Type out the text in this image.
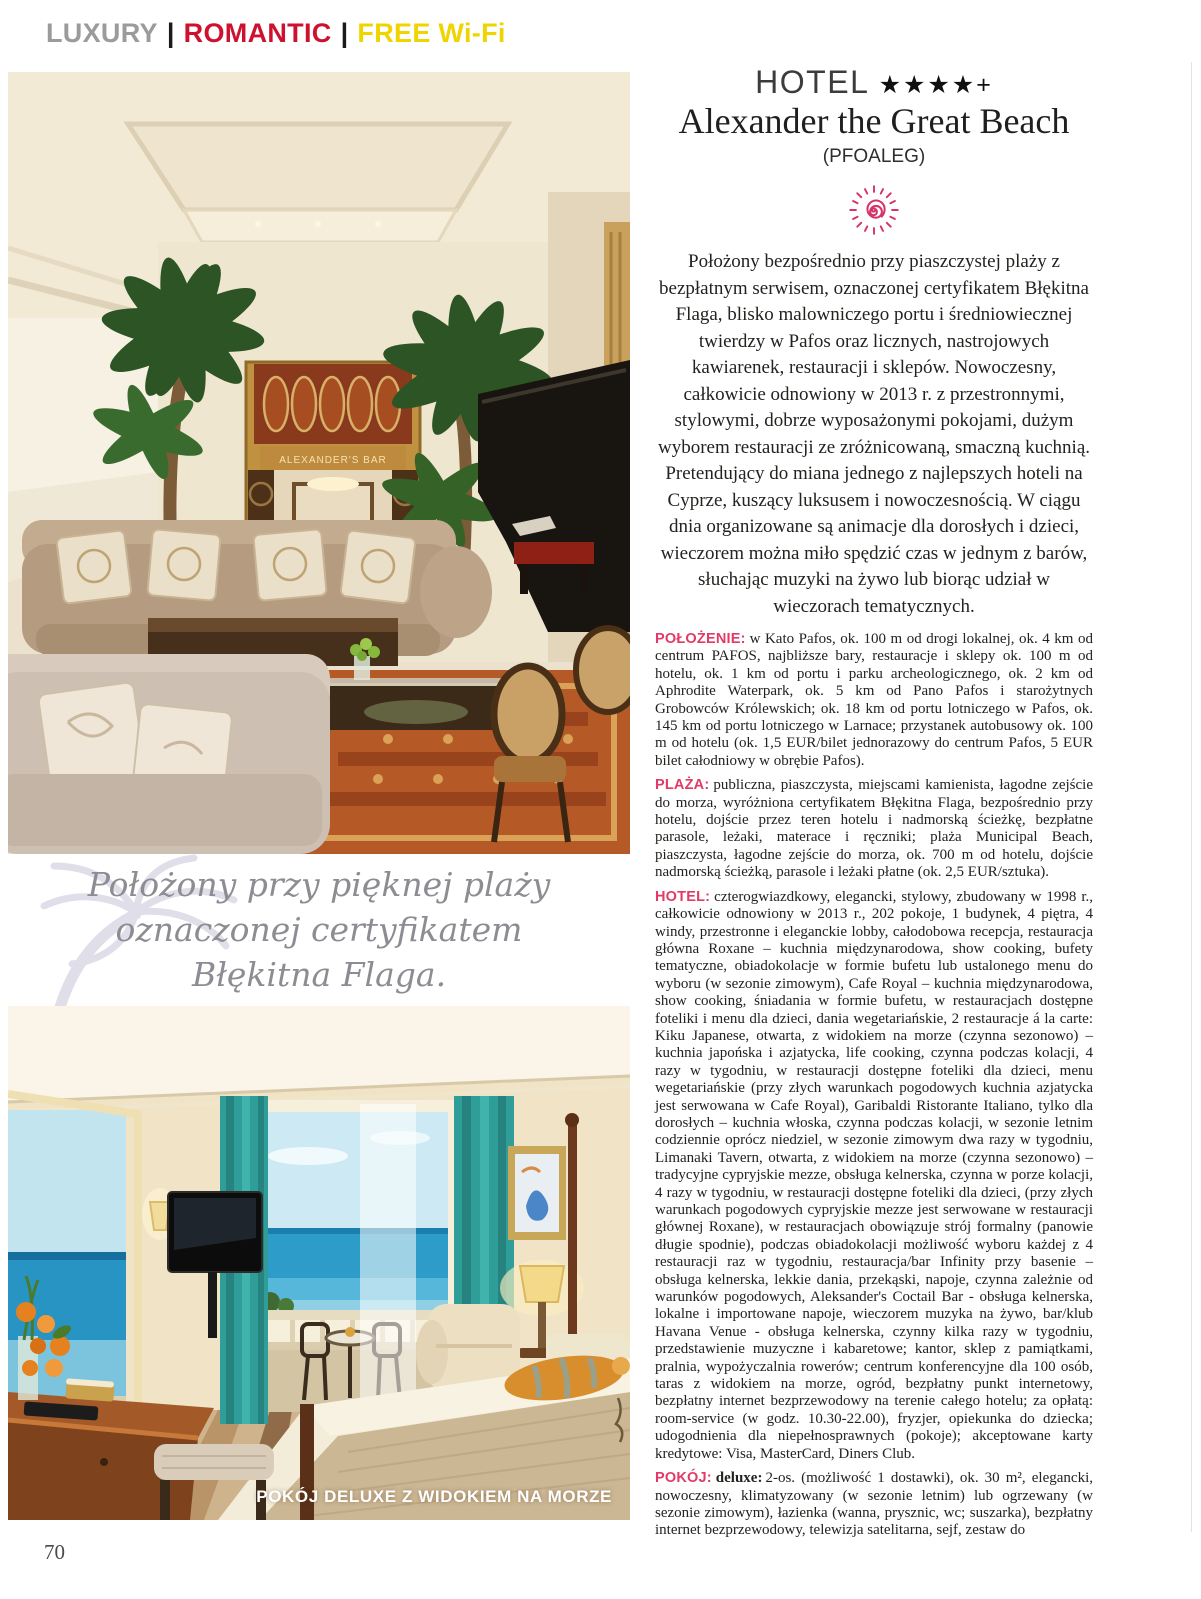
LUXURY | ROMANTIC | FREE Wi-Fi
ALEXANDER'S BAR
Położony przy pięknej plaży oznaczonej certyfikatem Błękitna Flaga.
POKÓJ DELUXE Z WIDOKIEM NA MORZE
HOTEL ★★★★+
Alexander the Great Beach
(PFOALEG)

Położony bezpośrednio przy piaszczystej plaży z bezpłatnym serwisem, oznaczonej certyfikatem Błękitna Flaga, blisko malowniczego portu i średniowiecznej twierdzy w Pafos oraz licznych, nastrojowych kawiarenek, restauracji i sklepów. Nowoczesny, całkowicie odnowiony w 2013 r. z przestronnymi, stylowymi, dobrze wyposażonymi pokojami, dużym wyborem restauracji ze zróżnicowaną, smaczną kuchnią. Pretendujący do miana jednego z najlepszych hoteli na Cyprze, kuszący luksusem i nowoczesnością. W ciągu dnia organizowane są animacje dla dorosłych i dzieci, wieczorem można miło spędzić czas w jednym z barów, słuchając muzyki na żywo lub biorąc udział w wieczorach tematycznych.

POŁOŻENIE: w Kato Pafos, ok. 100 m od drogi lokalnej, ok. 4 km od centrum PAFOS, najbliższe bary, restauracje i sklepy ok. 100 m od hotelu, ok. 1 km od portu i parku archeologicznego, ok. 2 km od Aphrodite Waterpark, ok. 5 km od Pano Pafos i starożytnych Grobowców Królewskich; ok. 18 km od portu lotniczego w Pafos, ok. 145 km od portu lotniczego w Larnace; przystanek autobusowy ok. 100 m od hotelu (ok. 1,5 EUR/bilet jednorazowy do centrum Pafos, 5 EUR bilet całodniowy w obrębie Pafos).

PLAŻA: publiczna, piaszczysta, miejscami kamienista, łagodne zejście do morza, wyróżniona certyfikatem Błękitna Flaga, bezpośrednio przy hotelu, dojście przez teren hotelu i nadmorską ścieżkę, bezpłatne parasole, leżaki, materace i ręczniki; plaża Municipal Beach, piaszczysta, łagodne zejście do morza, ok. 700 m od hotelu, dojście nadmorską ścieżką, parasole i leżaki płatne (ok. 2,5 EUR/sztuka).

HOTEL: czterogwiazdkowy, elegancki, stylowy, zbudowany w 1998 r., całkowicie odnowiony w 2013 r., 202 pokoje, 1 budynek, 4 piętra, 4 windy, przestronne i eleganckie lobby, całodobowa recepcja, restauracja główna Roxane – kuchnia międzynarodowa, show cooking, bufety tematyczne, obiadokolacje w formie bufetu lub ustalonego menu do wyboru (w sezonie zimowym), Cafe Royal – kuchnia międzynarodowa, show cooking, śniadania w formie bufetu, w restauracjach dostępne foteliki i menu dla dzieci, dania wegetariańskie, 2 restauracje á la carte: Kiku Japanese, otwarta, z widokiem na morze (czynna sezonowo) – kuchnia japońska i azjatycka, life cooking, czynna podczas kolacji, 4 razy w tygodniu, w restauracji dostępne foteliki dla dzieci, menu wegetariańskie (przy złych warunkach pogodowych kuchnia azjatycka jest serwowana w Cafe Royal), Garibaldi Ristorante Italiano, tylko dla dorosłych – kuchnia włoska, czynna podczas kolacji, w sezonie letnim codziennie oprócz niedziel, w sezonie zimowym dwa razy w tygodniu, Limanaki Tavern, otwarta, z widokiem na morze (czynna sezonowo) – tradycyjne cypryjskie mezze, obsługa kelnerska, czynna w porze kolacji, 4 razy w tygodniu, w restauracji dostępne foteliki dla dzieci, (przy złych warunkach pogodowych cypryjskie mezze jest serwowane w restauracji głównej Roxane), w restauracjach obowiązuje strój formalny (panowie długie spodnie), podczas obiadokolacji możliwość wyboru każdej z 4 restauracji raz w tygodniu, restauracja/bar Infinity przy basenie – obsługa kelnerska, lekkie dania, przekąski, napoje, czynna zależnie od warunków pogodowych, Aleksander's Coctail Bar - obsługa kelnerska, lokalne i importowane napoje, wieczorem muzyka na żywo, bar/klub Havana Venue - obsługa kelnerska, czynny kilka razy w tygodniu, przedstawienie muzyczne i kabaretowe; kantor, sklep z pamiątkami, pralnia, wypożyczalnia rowerów; centrum konferencyjne dla 100 osób, taras z widokiem na morze, ogród, bezpłatny punkt internetowy, bezpłatny internet bezprzewodowy na terenie całego hotelu; za opłatą: room-service (w godz. 10.30-22.00), fryzjer, opiekunka do dziecka; udogodnienia dla niepełnosprawnych (pokoje); akceptowane karty kredytowe: Visa, MasterCard, Diners Club.

POKÓJ: deluxe: 2-os. (możliwość 1 dostawki), ok. 30 m², elegancki, nowoczesny, klimatyzowany (w sezonie letnim) lub ogrzewany (w sezonie zimowym), łazienka (wanna, prysznic, wc; suszarka), bezpłatny internet bezprzewodowy, telewizja satelitarna, sejf, zestaw do

70
